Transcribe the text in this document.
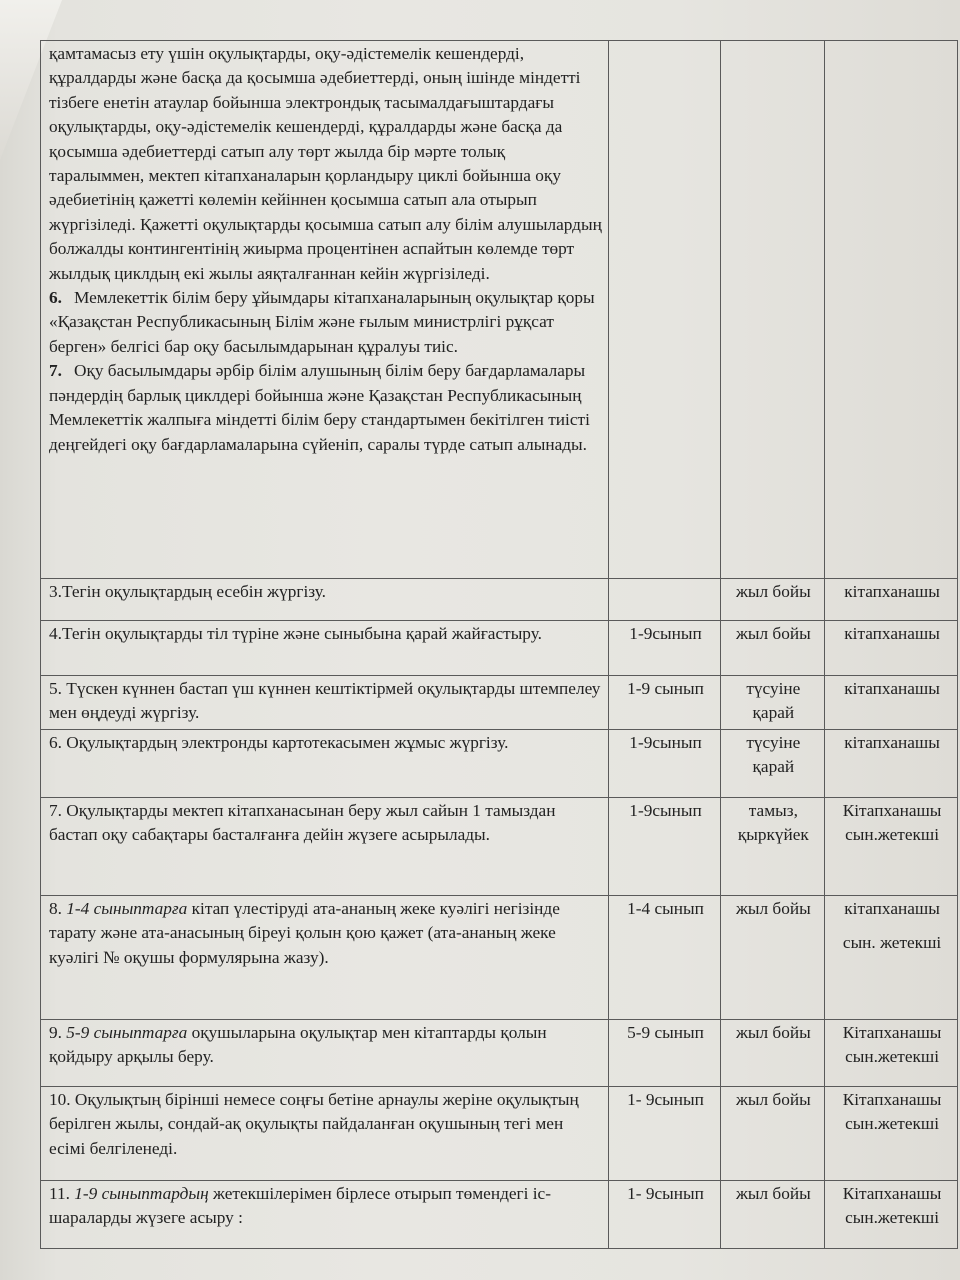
қамтамасыз ету үшін оқулықтарды, оқу-әдістемелік кешендерді, құралдарды және басқа да қосымша әдебиеттерді, оның ішінде міндетті тізбеге енетін атаулар бойынша электрондық тасымалдағыштардағы оқулықтарды, оқу-әдістемелік кешендерді, құралдарды және басқа да қосымша әдебиеттерді сатып алу төрт жылда бір мәрте толық таралыммен, мектеп кітапханаларын қорландыру циклі бойынша оқу әдебиетінің қажетті көлемін кейіннен қосымша сатып ала отырып жүргізіледі. Қажетті оқулықтарды қосымша сатып алу білім алушылардың болжалды контингентінің жиырма процентінен аспайтын көлемде төрт жылдық циклдың екі жылы аяқталғаннан кейін жүргізіледі.

6. Мемлекеттік білім беру ұйымдары кітапханаларының оқулықтар қоры «Қазақстан Республикасының Білім және ғылым министрлігі рұқсат берген» белгісі бар оқу басылымдарынан құралуы тиіс.

7. Оқу басылымдары әрбір білім алушының білім беру бағдарламалары пәндердің барлық циклдері бойынша және Қазақстан Республикасының Мемлекеттік жалпыға міндетті білім беру стандартымен бекітілген тиісті деңгейдегі оқу бағдарламаларына сүйеніп, саралы түрде сатып алынады.			

3.Тегін оқулықтардың есебін жүргізу.		жыл бойы	кітапханашы
4.Тегін оқулықтарды тіл түріне және сыныбына қарай жайғастыру.	1-9сынып	жыл бойы	кітапханашы
5. Түскен күннен бастап үш күннен кештіктірмей оқулықтарды штемпелеу мен өңдеуді жүргізу.	1-9 сынып	түсуіне қарай	кітапханашы
6. Оқулықтардың электронды картотекасымен жұмыс жүргізу.	1-9сынып	түсуіне қарай	кітапханашы
7. Оқулықтарды мектеп кітапханасынан беру жыл сайын 1 тамыздан бастап оқу сабақтары басталғанға дейін жүзеге асырылады.	1-9сынып	тамыз, қыркүйек	Кітапханашы сын.жетекші
8. 1-4 сыныптарға кітап үлестіруді ата-ананың жеке куәлігі негізінде тарату және ата-анасының біреуі қолын қою қажет (ата-ананың жеке куәлігі № оқушы формулярына жазу).	1-4 сынып	жыл бойы	кітапханашы
сын. жетекші

9. 5-9 сыныптарға оқушыларына оқулықтар мен кітаптарды қолын қойдыру арқылы беру.	5-9 сынып	жыл бойы	Кітапханашы сын.жетекші
10. Оқулықтың бірінші немесе соңғы бетіне арнаулы жеріне оқулықтың берілген жылы, сондай-ақ оқулықты пайдаланған оқушының тегі мен есімі белгіленеді.	1- 9сынып	жыл бойы	Кітапханашы сын.жетекші
11. 1-9 сыныптардың жетекшілерімен бірлесе отырып төмендегі іс-шараларды жүзеге асыру :	1- 9сынып	жыл бойы	Кітапханашы сын.жетекші
